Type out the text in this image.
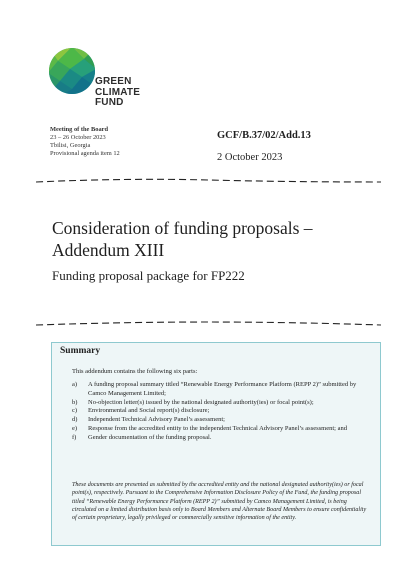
GREEN
CLIMATE
FUND
Meeting of the Board
23 – 26 October 2023
Tbilisi, Georgia
Provisional agenda item 12
GCF/B.37/02/Add.13
2 October 2023
Consideration of funding proposals – Addendum XIII
Funding proposal package for FP222
Summary
This addendum contains the following six parts:
a) A funding proposal summary titled “Renewable Energy Performance Platform (REPP 2)” submitted by Camco Management Limited;
b) No-objection letter(s) issued by the national designated authority(ies) or focal point(s);
c) Environmental and Social report(s) disclosure;
d) Independent Technical Advisory Panel’s assessment;
e) Response from the accredited entity to the independent Technical Advisory Panel’s assessment; and
f) Gender documentation of the funding proposal.
These documents are presented as submitted by the accredited entity and the national designated authority(ies) or focal point(s), respectively. Pursuant to the Comprehensive Information Disclosure Policy of the Fund, the funding proposal titled “Renewable Energy Performance Platform (REPP 2)” submitted by Camco Management Limited, is being circulated on a limited distribution basis only to Board Members and Alternate Board Members to ensure confidentiality of certain proprietary, legally privileged or commercially sensitive information of the entity.
